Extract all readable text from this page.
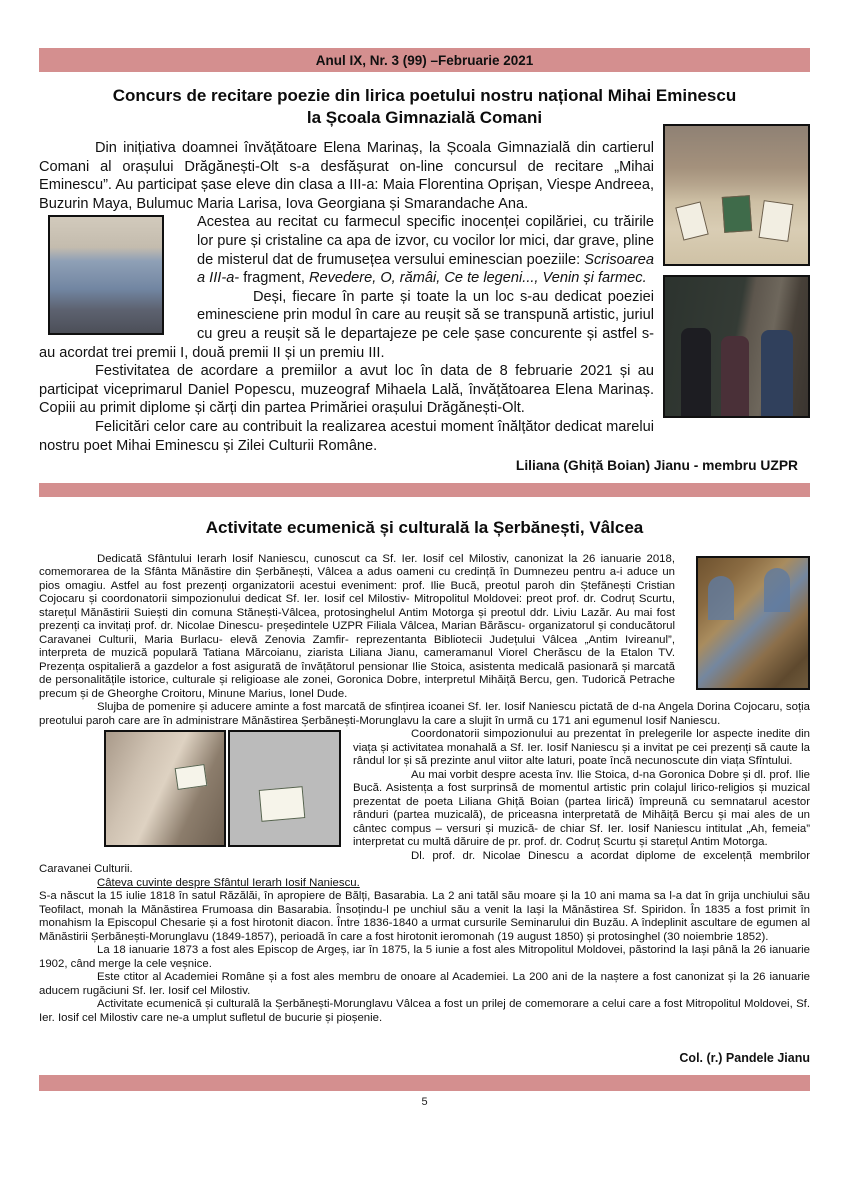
Anul IX, Nr. 3 (99) –Februarie 2021
Concurs de recitare poezie din lirica poetului nostru național Mihai Eminescu
la Școala Gimnazială Comani

Din inițiativa doamnei învățătoare Elena Marinaș, la Școala Gimnazială din cartierul Comani al orașului Drăgănești-Olt s-a desfășurat on-line concursul de recitare „Mihai Eminescu”. Au participat șase eleve din clasa a III-a: Maia Florentina Oprișan, Viespe Andreea, Buzurin Maya, Bulumuc Maria Larisa, Iova Georgiana și Smarandache Ana.

Acestea au recitat cu farmecul specific inocenței copilăriei, cu trăirile lor pure și cristaline ca apa de izvor, cu vocilor lor mici, dar grave, pline de misterul dat de frumusețea versului eminescian poeziile: Scrisoarea a III-a- fragment, Revedere, O, rămâi, Ce te legeni..., Venin și farmec.

Deși, fiecare în parte și toate la un loc s-au dedicat poeziei eminesciene prin modul în care au reușit să se transpună artistic, juriul cu greu a reușit să le departajeze pe cele șase concurente și astfel s-au acordat trei premii I, două premii II și un premiu III.

Festivitatea de acordare a premiilor a avut loc în data de 8 februarie 2021 și au participat viceprimarul Daniel Popescu, muzeograf Mihaela Lală, învățătoarea Elena Marinaș. Copiii au primit diplome și cărți din partea Primăriei orașului Drăgănești-Olt.

Felicitări celor care au contribuit la realizarea acestui moment înălțător dedicat marelui nostru poet Mihai Eminescu și Zilei Culturii Române.

Liliana (Ghiță Boian) Jianu - membru UZPR
Activitate ecumenică și culturală la Șerbănești, Vâlcea

Dedicată Sfântului Ierarh Iosif Naniescu, cunoscut ca Sf. Ier. Iosif cel Milostiv, canonizat la 26 ianuarie 2018,
comemorarea de la Sfânta Mănăstire din Șerbănești, Vâlcea a adus oameni cu credință în Dumnezeu pentru a-i aduce un pios omagiu. Astfel au fost prezenți organizatorii acestui eveniment: prof. Ilie Bucă, preotul paroh din Ștefănești Cristian Cojocaru și coordonatorii simpozionului dedicat Sf. Ier. Iosif cel Milostiv- Mitropolitul Moldovei: preot prof. dr. Codruț Scurtu, starețul Mănăstirii Suiești din comuna Stănești-Vâlcea, protosinghelul Antim Motorga și preotul ddr. Liviu Lazăr. Au mai fost prezenți ca invitați prof. dr. Nicolae Dinescu- președintele UZPR Filiala Vâlcea, Marian Bărăscu- organizatorul și conducătorul Caravanei Culturii, Maria Burlacu- elevă Zenovia Zamfir- reprezentanta Bibliotecii Județului Vâlcea „Antim Ivireanul”, interpreta de muzică populară Tatiana Mărcoianu, ziarista Liliana Jianu, cameramanul Viorel Cherăscu de la Etalon TV. Prezența ospitalieră a gazdelor a fost asigurată de învățătorul pensionar Ilie Stoica, asistenta medicală pasionară și marcată de personalitățile istorice, culturale și religioase ale zonei, Goronica Dobre, interpretul Mihăiță Bercu, gen. Tudorică Petrache precum și de Gheorghe Croitoru, Minune Marius, Ionel Dude.

Slujba de pomenire și aducere aminte a fost marcată de sfințirea icoanei Sf. Ier. Iosif Naniescu pictată de d-na Angela Dorina Cojocaru, soția preotului paroh care are în administrare Mănăstirea Șerbănești-Morunglavu la care a slujit în urmă cu 171
ani egumenul Iosif Naniescu.

Coordonatorii simpozionului au prezentat în prelegerile lor aspecte inedite din viața și activitatea monahală a Sf. Ier. Iosif Naniescu și a invitat pe cei prezenți să caute la rândul lor și să prezinte anul viitor alte laturi, poate încă necunoscute din viața Sfîntului.

Au mai vorbit despre acesta înv. Ilie Stoica, d-na Goronica Dobre și dl. prof. Ilie Bucă. Asistența a fost surprinsă de momentul artistic prin colajul lirico-religios și muzical prezentat de poeta Liliana Ghiță Boian (partea lirică) împreună cu semnatarul acestor rânduri (partea muzicală), de priceasna interpretată de Mihăiță Bercu și mai ales de un cântec compus – versuri și muzică- de chiar Sf. Ier. Iosif Naniescu intitulat „Ah, femeia” interpretat cu multă dăruire de pr. prof. dr. Codruț Scurtu și starețul Antim Motorga.

Dl. prof. dr. Nicolae Dinescu a acordat diplome de excelență membrilor Caravanei Culturii.

Câteva cuvinte despre Sfântul Ierarh Iosif Naniescu.

S-a născut la 15 iulie 1818 în satul Răzălăi, în apropiere de Bălți, Basarabia. La 2 ani tatăl său moare și la 10 ani mama sa l-a dat în grija unchiului său Teofilact, monah la Mănăstirea Frumoasa din Basarabia. Însoțindu-l pe unchiul său a venit la Iași la Mănăstirea Sf. Spiridon. În 1835 a fost primit în monahism la Episcopul Chesarie și a fost hirotonit diacon. Între 1836-1840 a urmat cursurile Seminarului din Buzău. A îndeplinit ascultare de egumen al Mănăstirii Șerbănești-Morunglavu (1849-1857), perioadă în care a fost hirotonit ieromonah (19 august 1850) și protosinghel (30 noiembrie 1852).

La 18 ianuarie 1873 a fost ales Episcop de Argeș, iar în 1875, la 5 iunie a fost ales Mitropolitul Moldovei, păstorind la Iași până la 26 ianuarie 1902, când merge la cele veșnice.

Este ctitor al Academiei Române și a fost ales membru de onoare al Academiei. La 200 ani de la naștere a fost canonizat și la 26 ianuarie aducem rugăciuni Sf. Ier. Iosif cel Milostiv.

Activitate ecumenică și culturală la Șerbănești-Morunglavu Vâlcea a fost un prilej de comemorare a celui care a fost Mitropolitul Moldovei, Sf. Ier. Iosif cel Milostiv care ne-a umplut sufletul de bucurie și pioșenie.

Col. (r.) Pandele Jianu
5
